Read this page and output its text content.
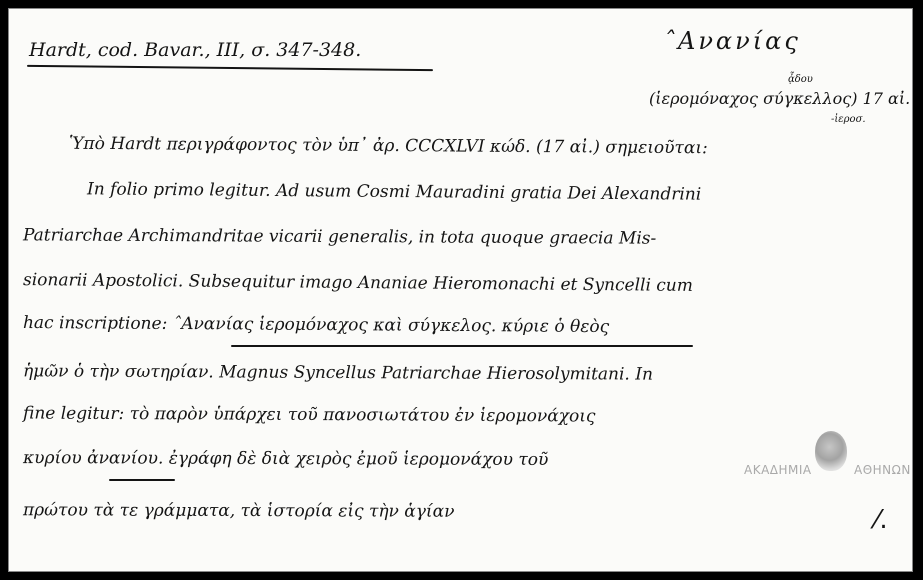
Hardt, cod. Bavar., III, σ. 347-348.	ˆΑνανίας
ᾆδου
(ἱερομόναχος σύγκελλος) 17 αἰ.
-ἰεροσ.
Ὑπὸ Hardt περιγράφοντος τὸν ὑπ᾽ ἀρ. CCCXLVI κώδ. (17 αἰ.) σημειοῦται:
In folio primo legitur. Ad usum Cosmi Mauradini gratia Dei Alexandrini
Patriarchae Archimandritae vicarii generalis, in tota quoque graecia Mis-
sionarii Apostolici. Subsequitur imago Ananiae Hieromonachi et Syncelli cum
hac inscriptione: ˆΑνανίας ἱερομόναχος καὶ σύγκελος. κύριε ὁ θεὸς
ἡμῶν ὁ τὴν σωτηρίαν. Magnus Syncellus Patriarchae Hierosolymitani. In
fine legitur: τὸ παρὸν ὑπάρχει τοῦ πανοσιωτάτου ἐν ἱερομονάχοις
κυρίου ἀνανίου. ἐγράφη δὲ διὰ χειρὸς ἐμοῦ ἱερομονάχου τοῦ
πρώτου τὰ τε γράμματα, τὰ ἱστορία εἰς τὴν ἁγίαν
ΑΚΑΔΗΜΙΑ	ΑΘΗΝΩΝ
⁄.
